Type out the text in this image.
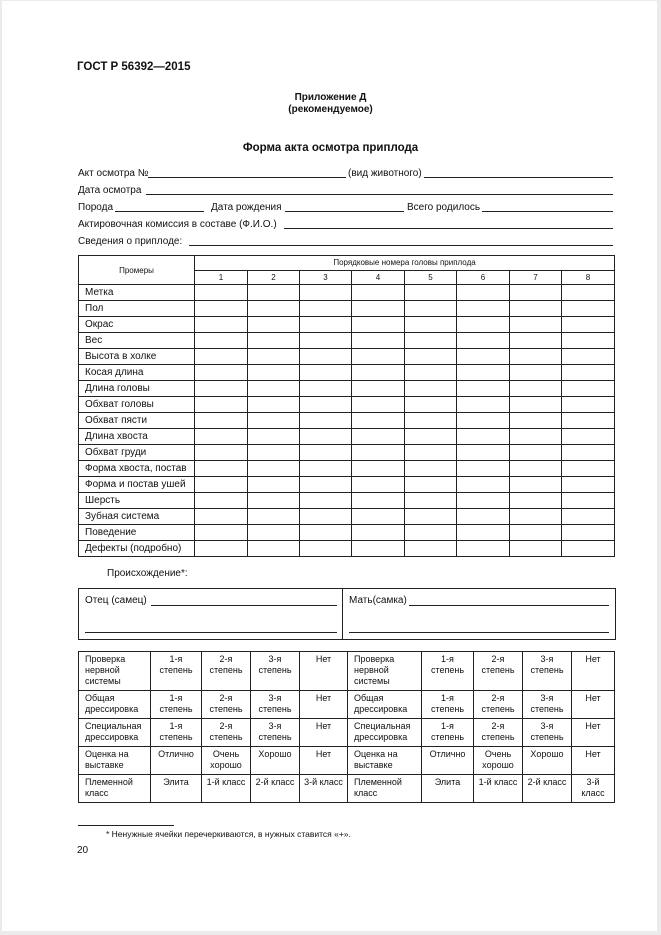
ГОСТ Р 56392—2015
Приложение Д
(рекомендуемое)
Форма акта осмотра приплода
Акт осмотра №	(вид животного)
Дата осмотра
Порода	Дата рождения	Всего родилось
Актировочная комиссия в составе (Ф.И.О.)
Сведения о приплоде:
Промеры	Порядковые номера головы приплода							
	1	2	3	4	5	6	7	8
Метка								
Пол								
Окрас								
Вес								
Высота в холке								
Косая длина								
Длина головы								
Обхват головы								
Обхват пясти								
Длина хвоста								
Обхват груди								
Форма хвоста, постав								
Форма и постав ушей								
Шерсть								
Зубная система								
Поведение								
Дефекты (подробно)								
Происхождение*:
Отец (самец)	Мать(самка)
Проверка нервной системы	1-я степень	2-я степень	3-я степень	Нет	Проверка нервной системы	1-я степень	2-я степень	3-я степень	Нет
Общая дрессировка	1-я степень	2-я степень	3-я степень	Нет	Общая дрессировка	1-я степень	2-я степень	3-я степень	Нет
Специальная дрессировка	1-я степень	2-я степень	3-я степень	Нет	Специальная дрессировка	1-я степень	2-я степень	3-я степень	Нет
Оценка на выставке	Отлично	Очень хорошо	Хорошо	Нет	Оценка на выставке	Отлично	Очень хорошо	Хорошо	Нет
Племенной класс	Элита	1-й класс	2-й класс	3-й класс	Племенной класс	Элита	1-й класс	2-й класс	3-й класс
* Ненужные ячейки перечеркиваются, в нужных ставится «+».
20
